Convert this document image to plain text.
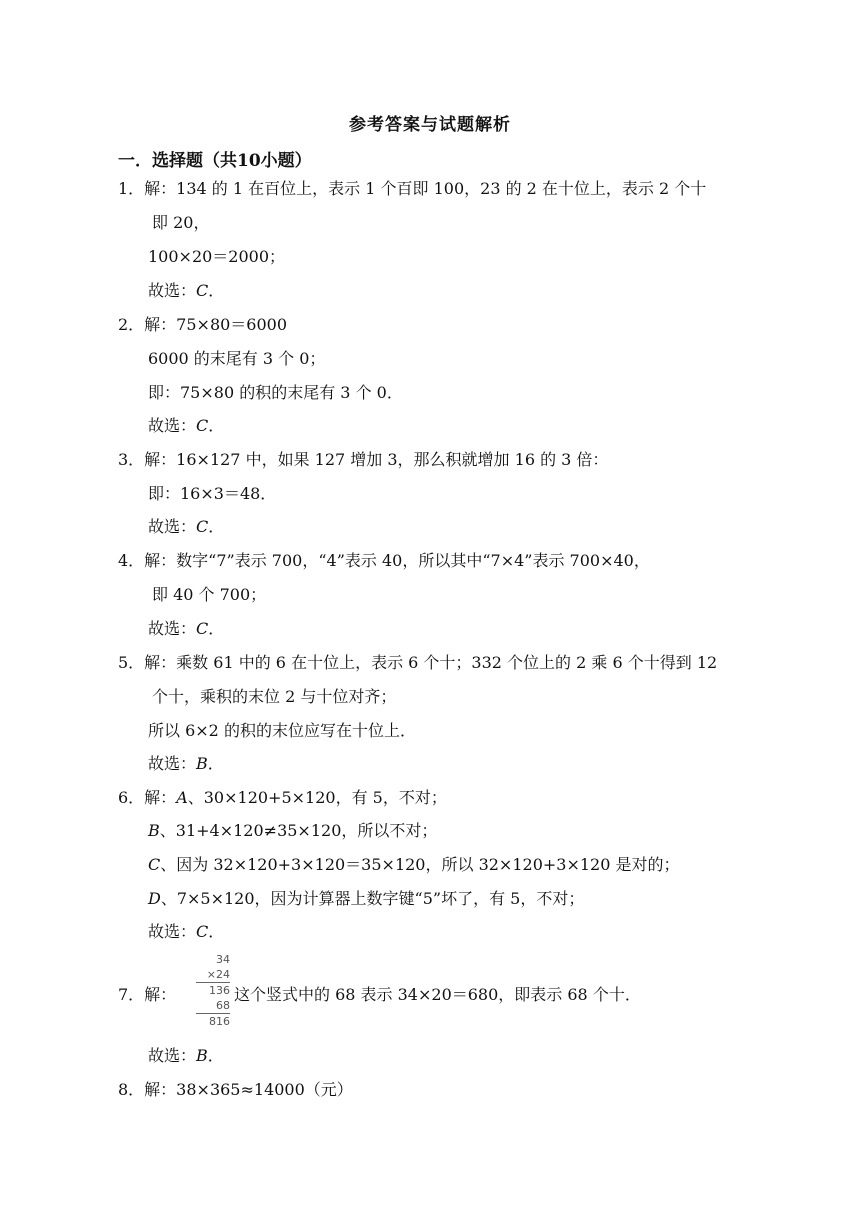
参考答案与试题解析
一．选择题（共10小题）
1．解：134 的 1 在百位上，表示 1 个百即 100，23 的 2 在十位上，表示 2 个十
即 20，
100×20＝2000；
故选：C．
2．解：75×80＝6000
6000 的末尾有 3 个 0；
即：75×80 的积的末尾有 3 个 0．
故选：C．
3．解：16×127 中，如果 127 增加 3，那么积就增加 16 的 3 倍：
即：16×3＝48．
故选：C．
4．解：数字“7”表示 700，“4”表示 40，所以其中“7×4”表示 700×40，
即 40 个 700；
故选：C．
5．解：乘数 61 中的 6 在十位上，表示 6 个十；332 个位上的 2 乘 6 个十得到 12
个十，乘积的末位 2 与十位对齐；
所以 6×2 的积的末位应写在十位上．
故选：B．
6．解：A、30×120+5×120，有 5，不对；
B、31+4×120≠35×120，所以不对；
C、因为 32×120+3×120＝35×120，所以 32×120+3×120 是对的；
D、7×5×120，因为计算器上数字键“5”坏了，有 5，不对；
故选：C．
7．解：
34
×24
136
68
816
这个竖式中的 68 表示 34×20＝680，即表示 68 个十．
故选：B．
8．解：38×365≈14000（元）
